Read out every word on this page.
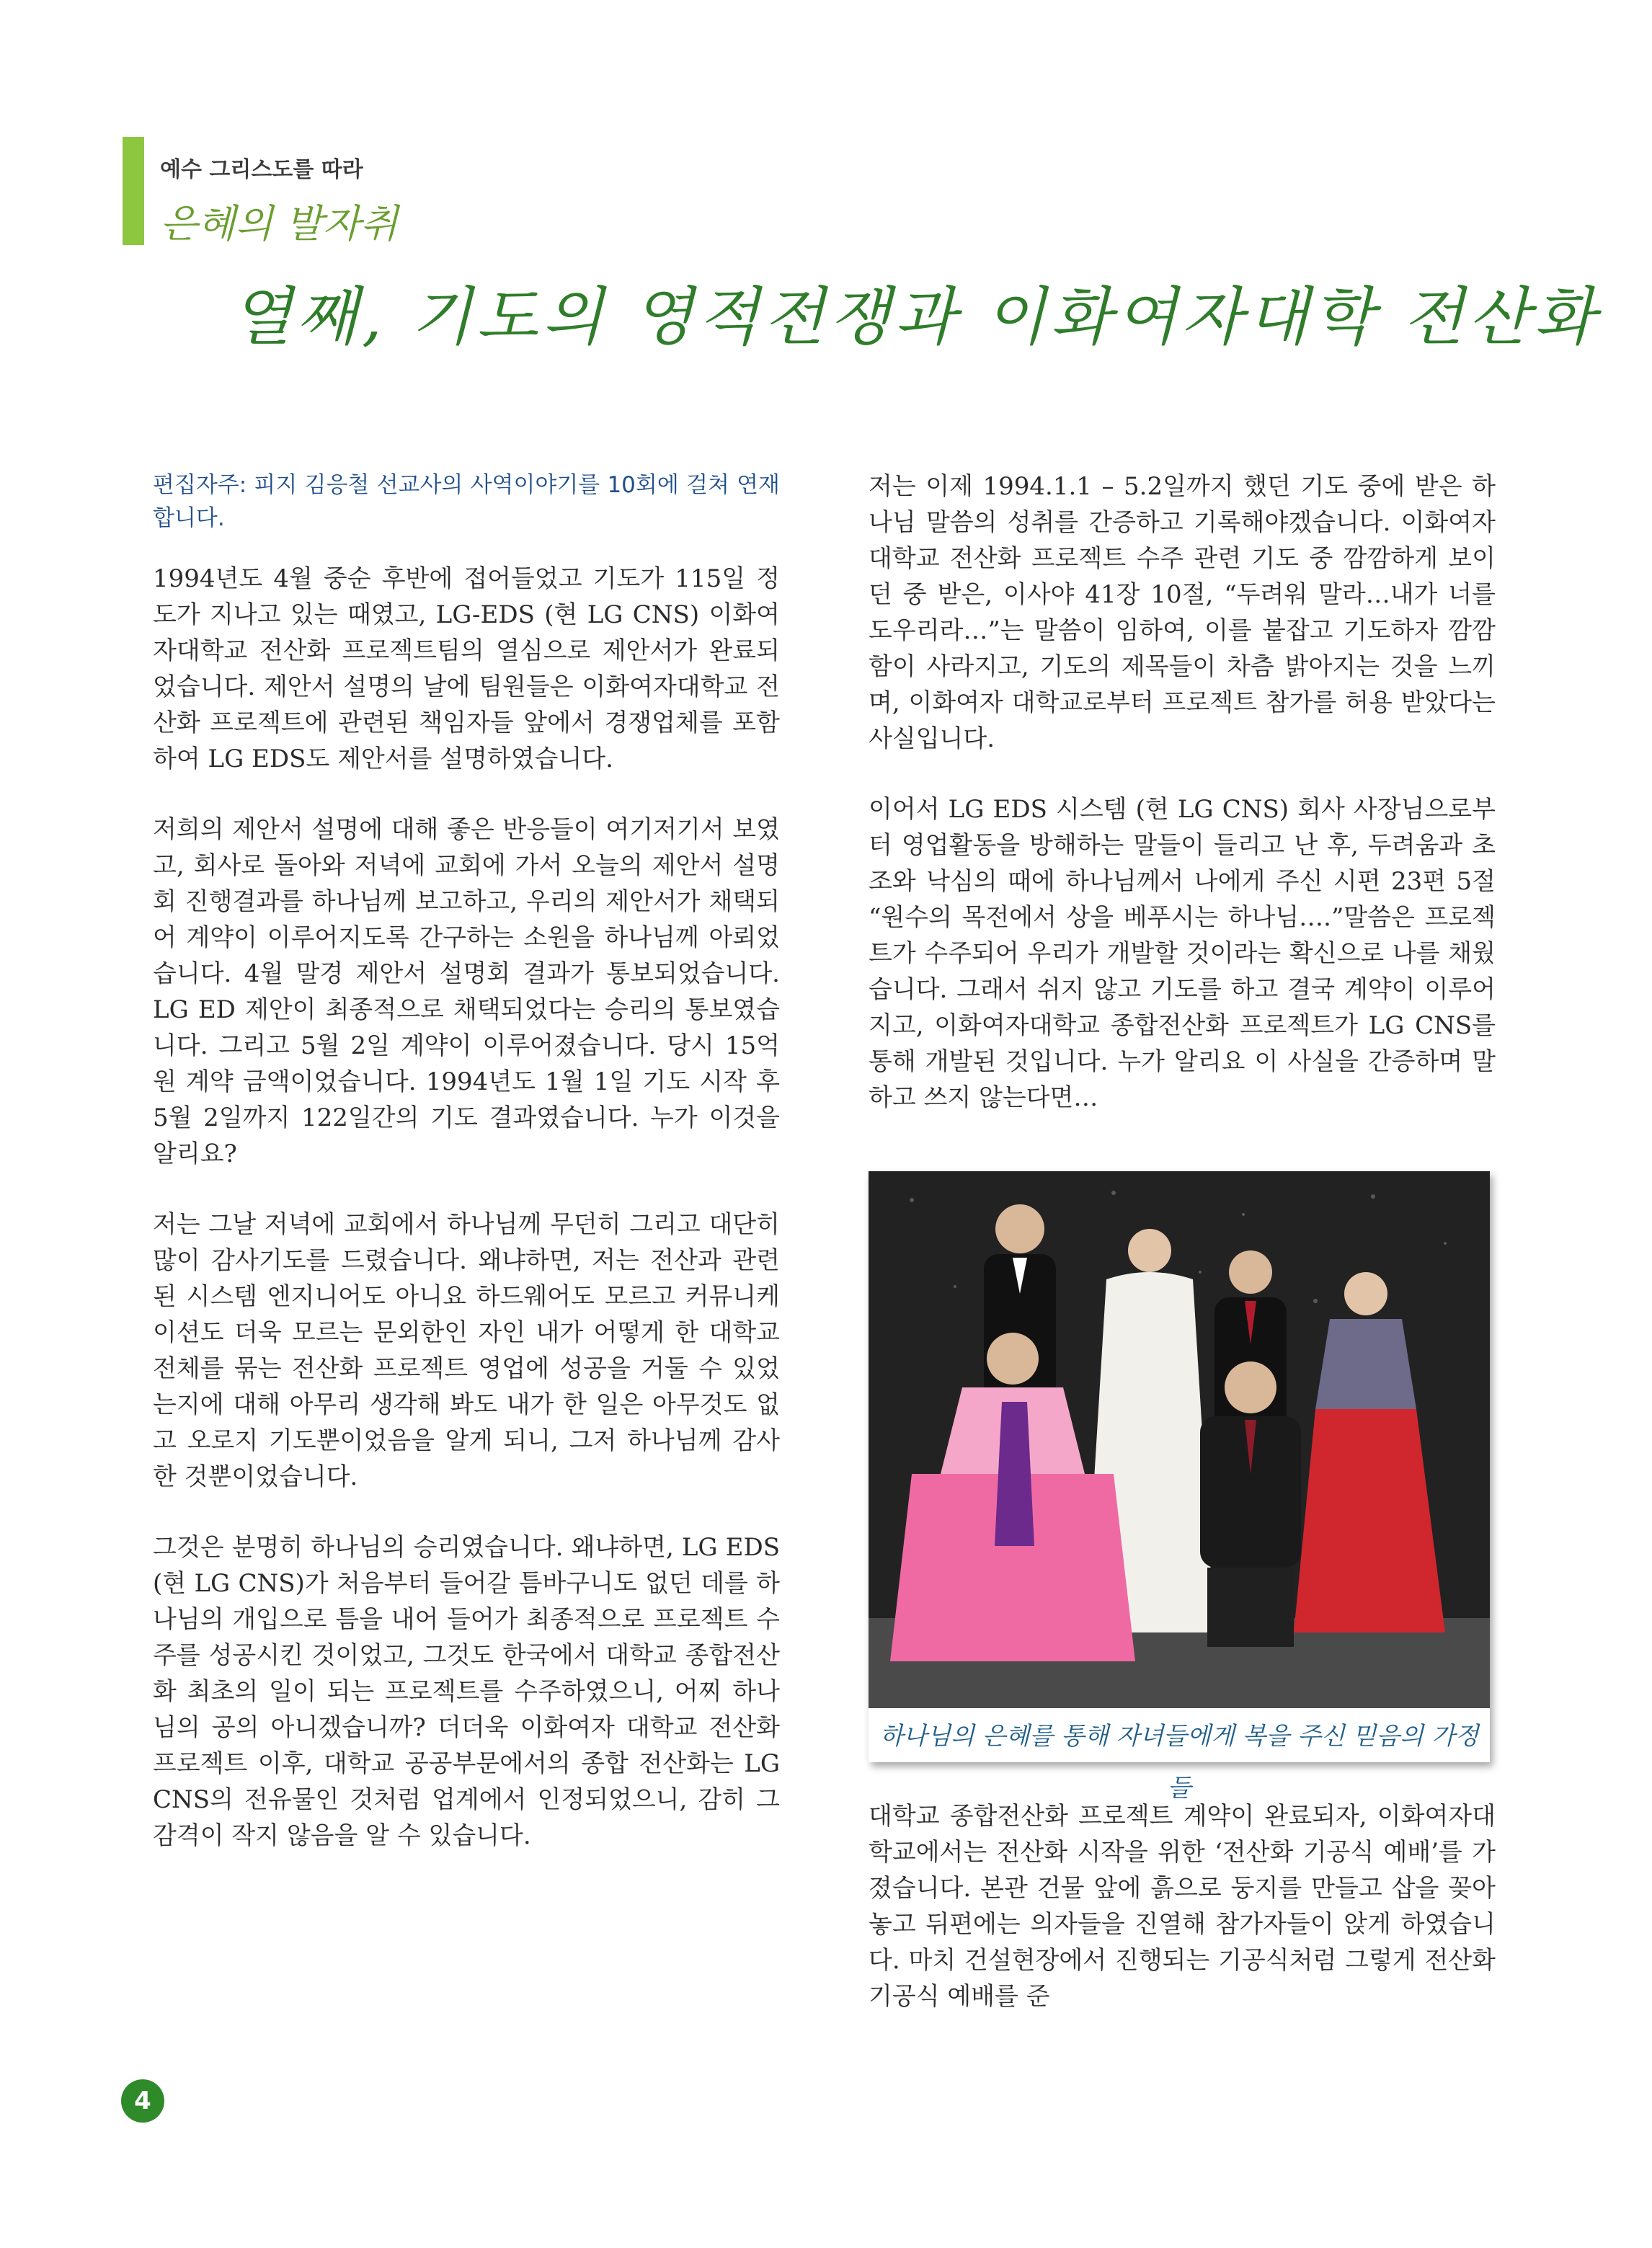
예수 그리스도를 따라
은혜의 발자취
열째, 기도의 영적전쟁과 이화여자대학 전산화
편집자주: 피지 김응철 선교사의 사역이야기를 10회에 걸쳐 연재합니다.

1994년도 4월 중순 후반에 접어들었고 기도가 115일 정도가 지나고 있는 때였고, LG-EDS (현 LG CNS) 이화여자대학교 전산화 프로젝트팀의 열심으로 제안서가 완료되었습니다. 제안서 설명의 날에 팀원들은 이화여자대학교 전산화 프로젝트에 관련된 책임자들 앞에서 경쟁업체를 포함하여 LG EDS도 제안서를 설명하였습니다.

저희의 제안서 설명에 대해 좋은 반응들이 여기저기서 보였고, 회사로 돌아와 저녁에 교회에 가서 오늘의 제안서 설명회 진행결과를 하나님께 보고하고, 우리의 제안서가 채택되어 계약이 이루어지도록 간구하는 소원을 하나님께 아뢰었습니다. 4월 말경 제안서 설명회 결과가 통보되었습니다. LG ED 제안이 최종적으로 채택되었다는 승리의 통보였습니다. 그리고 5월 2일 계약이 이루어졌습니다. 당시 15억 원 계약 금액이었습니다. 1994년도 1월 1일 기도 시작 후 5월 2일까지 122일간의 기도 결과였습니다. 누가 이것을 알리요?

저는 그날 저녁에 교회에서 하나님께 무던히 그리고 대단히 많이 감사기도를 드렸습니다. 왜냐하면, 저는 전산과 관련된 시스템 엔지니어도 아니요 하드웨어도 모르고 커뮤니케이션도 더욱 모르는 문외한인 자인 내가 어떻게 한 대학교 전체를 묶는 전산화 프로젝트 영업에 성공을 거둘 수 있었는지에 대해 아무리 생각해 봐도 내가 한 일은 아무것도 없고 오로지 기도뿐이었음을 알게 되니, 그저 하나님께 감사한 것뿐이었습니다.

그것은 분명히 하나님의 승리였습니다. 왜냐하면, LG EDS (현 LG CNS)가 처음부터 들어갈 틈바구니도 없던 데를 하나님의 개입으로 틈을 내어 들어가 최종적으로 프로젝트 수주를 성공시킨 것이었고, 그것도 한국에서 대학교 종합전산화 최초의 일이 되는 프로젝트를 수주하였으니, 어찌 하나님의 공의 아니겠습니까? 더더욱 이화여자 대학교 전산화 프로젝트 이후, 대학교 공공부문에서의 종합 전산화는 LG CNS의 전유물인 것처럼 업계에서 인정되었으니, 감히 그 감격이 작지 않음을 알 수 있습니다.

저는 이제 1994.1.1 – 5.2일까지 했던 기도 중에 받은 하나님 말씀의 성취를 간증하고 기록해야겠습니다. 이화여자대학교 전산화 프로젝트 수주 관련 기도 중 깜깜하게 보이던 중 받은, 이사야 41장 10절, “두려워 말라…내가 너를 도우리라…”는 말씀이 임하여, 이를 붙잡고 기도하자 깜깜함이 사라지고, 기도의 제목들이 차츰 밝아지는 것을 느끼며, 이화여자 대학교로부터 프로젝트 참가를 허용 받았다는 사실입니다.

이어서 LG EDS 시스템 (현 LG CNS) 회사 사장님으로부터 영업활동을 방해하는 말들이 들리고 난 후, 두려움과 초조와 낙심의 때에 하나님께서 나에게 주신 시편 23편 5절 “원수의 목전에서 상을 베푸시는 하나님….”말씀은 프로젝트가 수주되어 우리가 개발할 것이라는 확신으로 나를 채웠습니다. 그래서 쉬지 않고 기도를 하고 결국 계약이 이루어지고, 이화여자대학교 종합전산화 프로젝트가 LG CNS를 통해 개발된 것입니다. 누가 알리요 이 사실을 간증하며 말하고 쓰지 않는다면…

하나님의 은혜를 통해 자녀들에게 복을 주신 믿음의 가정들

대학교 종합전산화 프로젝트 계약이 완료되자, 이화여자대학교에서는 전산화 시작을 위한 ‘전산화 기공식 예배’를 가졌습니다. 본관 건물 앞에 흙으로 둥지를 만들고 삽을 꽂아 놓고 뒤편에는 의자들을 진열해 참가자들이 앉게 하였습니다. 마치 건설현장에서 진행되는 기공식처럼 그렇게 전산화 기공식 예배를 준

4
